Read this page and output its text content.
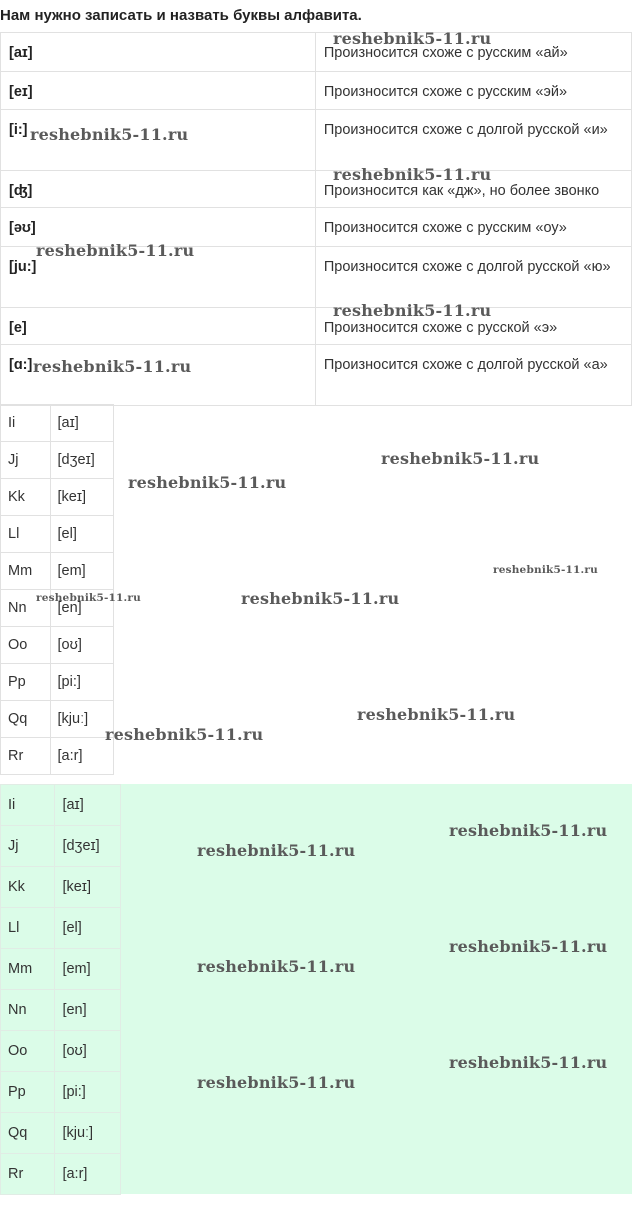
Нам нужно записать и назвать буквы алфавита.

[aɪ]	Произносится схоже с русским «ай»
[eɪ]	Произносится схоже с русским «эй»
[i:]	Произносится схоже с долгой русской «и»
[ʤ]	Произносится как «дж», но более звонко
[əʊ]	Произносится схоже с русским «оу»
[ju:]	Произносится схоже с долгой русской «ю»
[e]	Произносится схоже с русской «э»
[ɑ:]	Произносится схоже с долгой русской «а»
Ii	[aɪ]
Jj	[dʒeɪ]
Kk	[keɪ]
Ll	[el]
Mm	[em]
Nn	[en]
Oo	[oʊ]
Pp	[pi:]
Qq	[kjuː]
Rr	[a:r]
Ii	[aɪ]
Jj	[dʒeɪ]
Kk	[keɪ]
Ll	[el]
Mm	[em]
Nn	[en]
Oo	[oʊ]
Pp	[pi:]
Qq	[kjuː]
Rr	[a:r]
reshebnik5-11.ru
reshebnik5-11.ru
reshebnik5-11.ru
reshebnik5-11.ru
reshebnik5-11.ru
reshebnik5-11.ru
reshebnik5-11.ru
reshebnik5-11.ru
reshebnik5-11.ru
reshebnik5-11.ru	reshebnik5-11.ru
reshebnik5-11.ru
reshebnik5-11.ru
reshebnik5-11.ru
reshebnik5-11.ru
reshebnik5-11.ru
reshebnik5-11.ru
reshebnik5-11.ru
reshebnik5-11.ru
